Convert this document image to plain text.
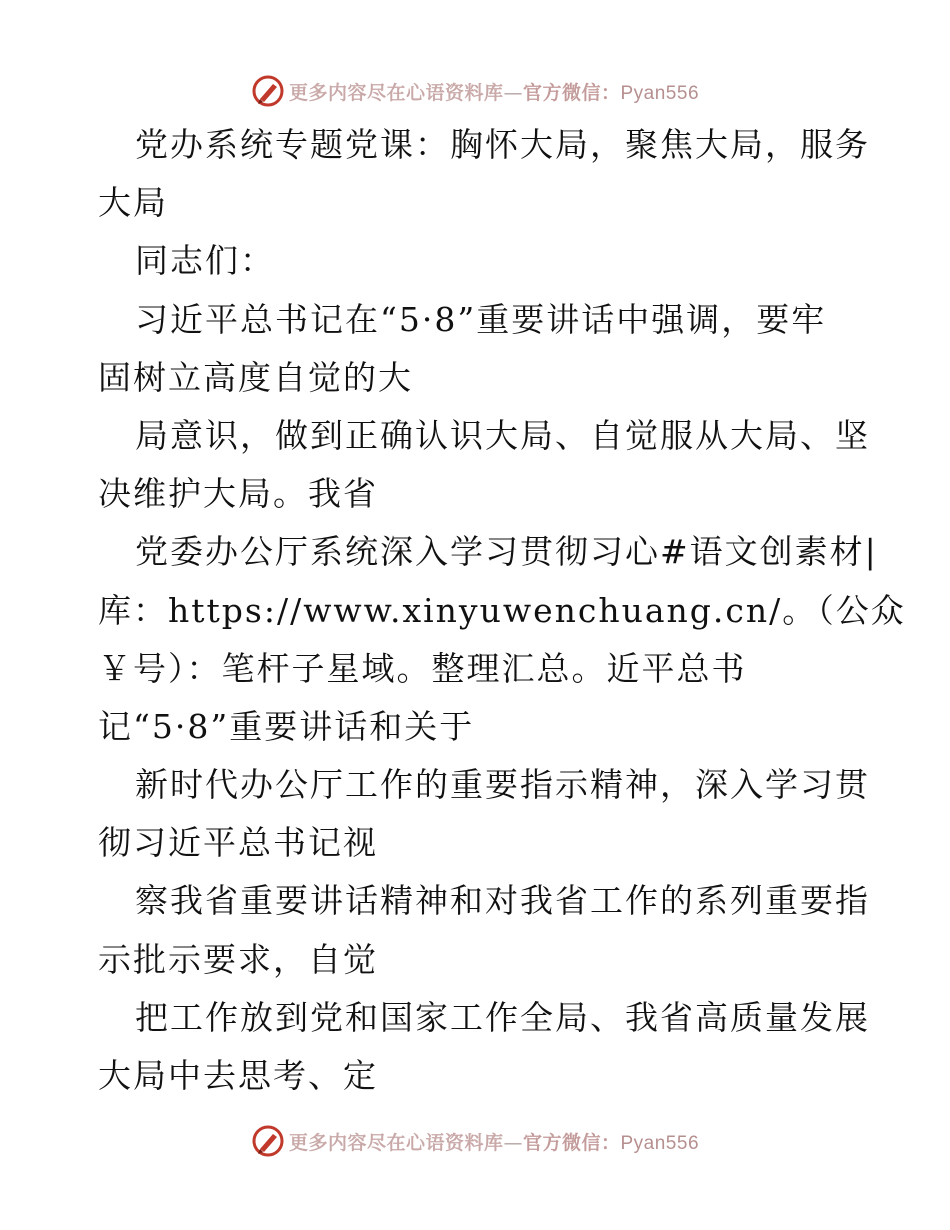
更多内容尽在心语资料库—官方微信：Pyan556
党办系统专题党课：胸怀大局，聚焦大局，服务
大局
同志们：
习近平总书记在“5·8”重要讲话中强调，要牢
固树立高度自觉的大
局意识，做到正确认识大局、自觉服从大局、坚
决维护大局。我省
党委办公厅系统深入学习贯彻习心#语文创素材|
库：https://www.xinyuwenchuang.cn/。（公众
￥号）：笔杆子星域。整理汇总。近平总书
记“5·8”重要讲话和关于
新时代办公厅工作的重要指示精神，深入学习贯
彻习近平总书记视
察我省重要讲话精神和对我省工作的系列重要指
示批示要求，自觉
把工作放到党和国家工作全局、我省高质量发展
大局中去思考、定
更多内容尽在心语资料库—官方微信：Pyan556
